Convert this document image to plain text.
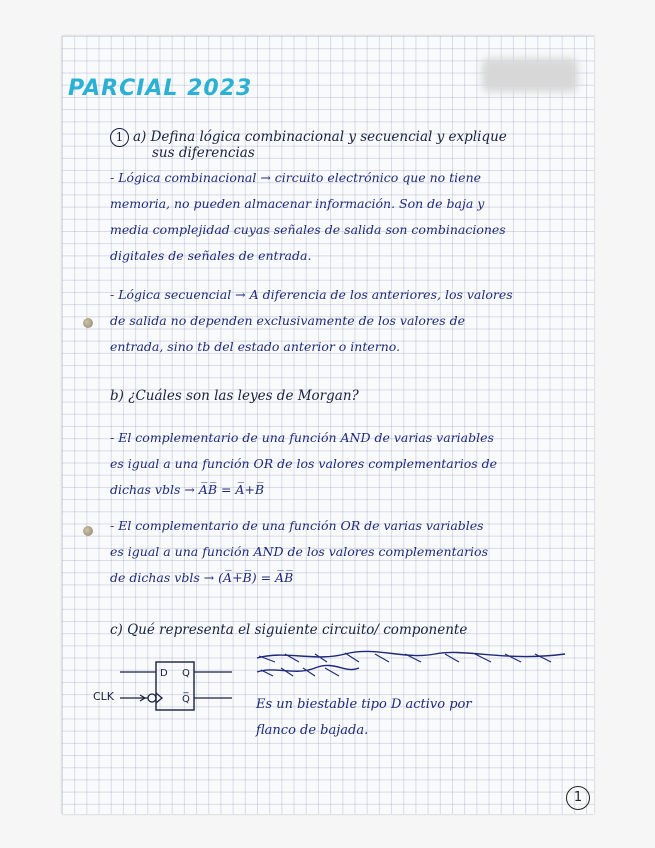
PARCIAL 2023
1 a) Defina lógica combinacional y secuencial y explique
sus diferencias
- Lógica combinacional → circuito electrónico que no tiene
memoria, no pueden almacenar información. Son de baja y
media complejidad cuyas señales de salida son combinaciones
digitales de señales de entrada.
- Lógica secuencial → A diferencia de los anteriores, los valores
de salida no dependen exclusivamente de los valores de
entrada, sino tb del estado anterior o interno.
b) ¿Cuáles son las leyes de Morgan?
- El complementario de una función AND de varias variables
es igual a una función OR de los valores complementarios de
dichas vbls → A̅B̅ = A̅+B̅
- El complementario de una función OR de varias variables
es igual a una función AND de los valores complementarios
de dichas vbls → (A̅+̅B̅) = A̅B̅
c) Qué representa el siguiente circuito/ componente
Es un biestable tipo D activo por
flanco de bajada.
D Q
Q̅
CLK
1
